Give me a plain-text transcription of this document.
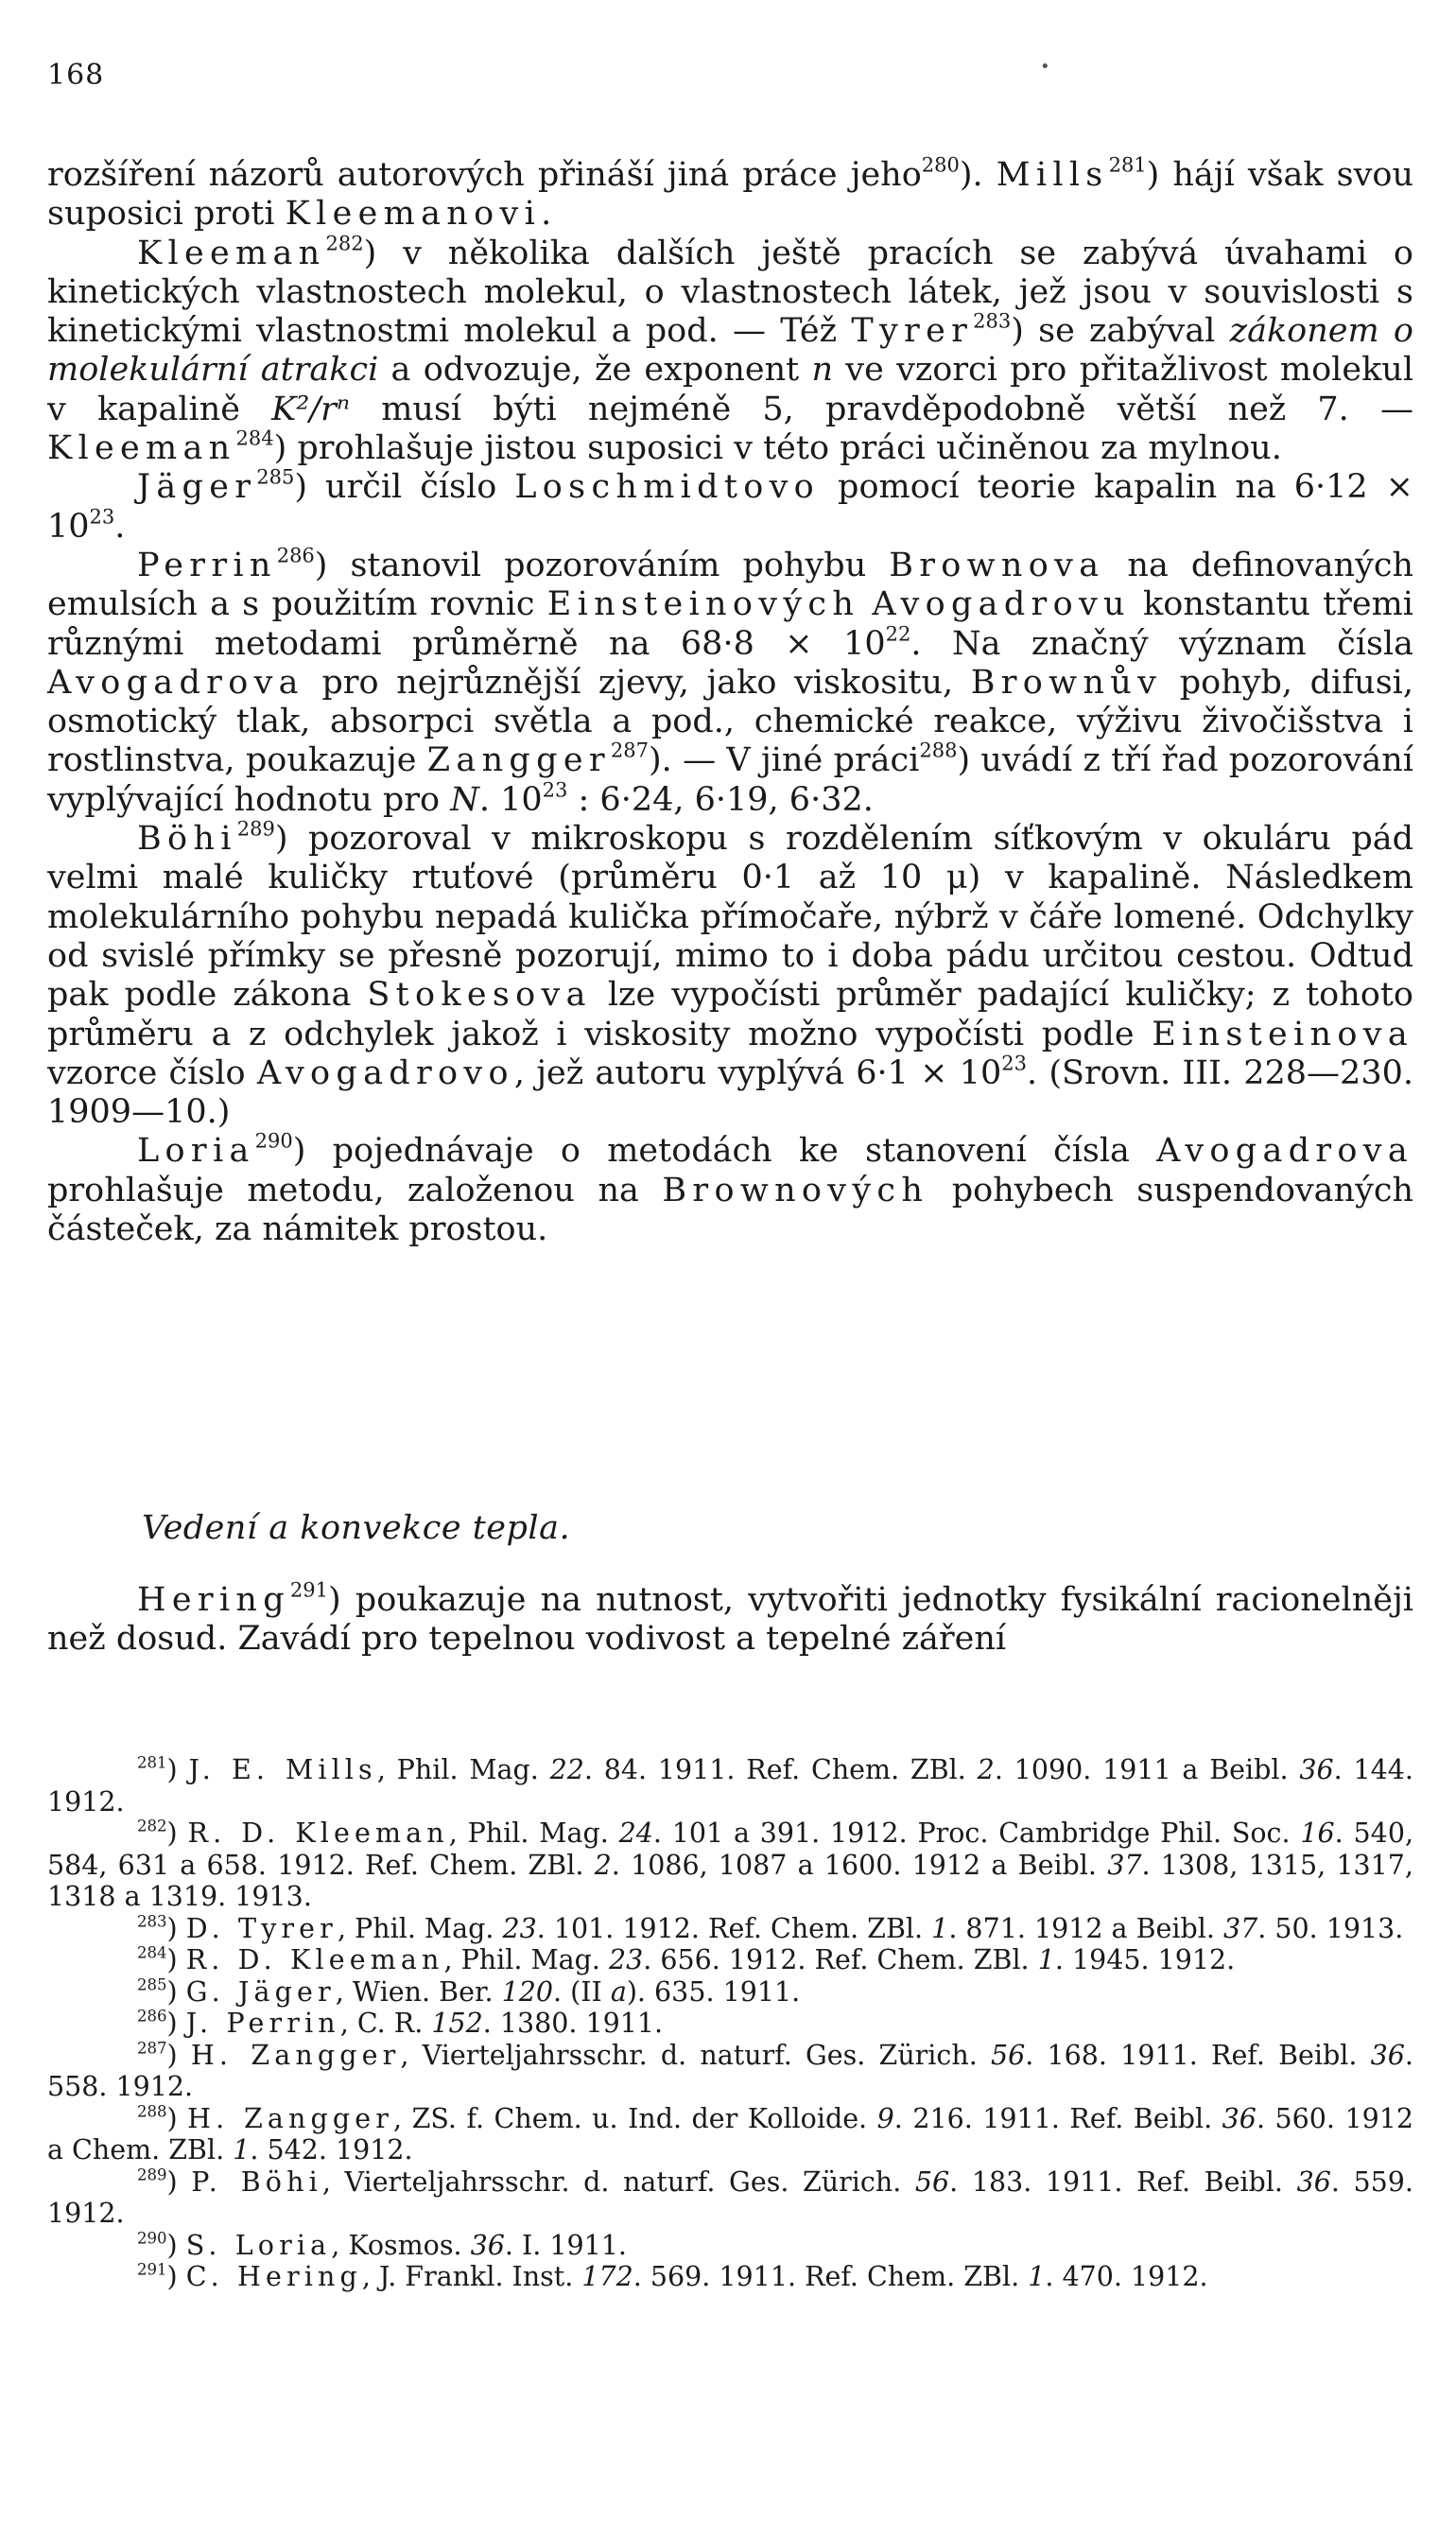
168	•

rozšíření názorů autorových přináší jiná práce jeho$^{280}$). Mills$^{281}$) hájí však svou suposici proti Kleemanovi.

Kleeman$^{282}$) v několika dalších ještě pracích se zabývá úvahami o kinetických vlastnostech molekul, o vlastnostech látek, jež jsou v souvislosti s kinetickými vlastnostmi molekul a pod. — Též Tyrer$^{283}$) se zabýval zákonem o molekulární atrakci a odvozuje, že exponent n ve vzorci pro přitažlivost molekul v kapalině K²/rⁿ musí býti nejméně 5, pravděpodobně větší než 7. — Kleeman$^{284}$) prohlašuje jistou suposici v této práci učiněnou za mylnou.

Jäger$^{285}$) určil číslo Loschmidtovo pomocí teorie kapalin na $6\cdot 12 \times 10^{23}$.

Perrin$^{286}$) stanovil pozorováním pohybu Brownova na definovaných emulsích a s použitím rovnic Einsteinových Avogadrovu konstantu třemi různými metodami průměrně na $68\cdot 8 \times 10^{22}$. Na značný význam čísla Avogadrova pro nejrůznější zjevy, jako viskositu, Brownův pohyb, difusi, osmotický tlak, absorpci světla a pod., chemické reakce, výživu živočišstva i rostlinstva, poukazuje Zangger$^{287}$). — V jiné práci$^{288}$) uvádí z tří řad pozorování vyplývající hodnotu pro N. $10^{23}$ : 6·24, 6·19, 6·32.

Böhi$^{289}$) pozoroval v mikroskopu s rozdělením síťkovým v okuláru pád velmi malé kuličky rtuťové (průměru 0·1 až 10 μ) v kapalině. Následkem molekulárního pohybu nepadá kulička přímočaře, nýbrž v čáře lomené. Odchylky od svislé přímky se přesně pozorují, mimo to i doba pádu určitou cestou. Odtud pak podle zákona Stokesova lze vypočísti průměr padající kuličky; z tohoto průměru a z odchylek jakož i viskosity možno vypočísti podle Einsteinova vzorce číslo Avogadrovo, jež autoru vyplývá $6\cdot 1 \times 10^{23}$. (Srovn. III. 228—230. 1909—10.)

Loria$^{290}$) pojednávaje o metodách ke stanovení čísla Avogadrova prohlašuje metodu, založenou na Brownových pohybech suspendovaných částeček, za námitek prostou.

Vedení a konvekce tepla.

Hering$^{291}$) poukazuje na nutnost, vytvořiti jednotky fysikální racionelněji než dosud. Zavádí pro tepelnou vodivost a tepelné záření

$^{281}$) J. E. Mills, Phil. Mag. 22. 84. 1911. Ref. Chem. ZBl. 2. 1090. 1911 a Beibl. 36. 144. 1912.

$^{282}$) R. D. Kleeman, Phil. Mag. 24. 101 a 391. 1912. Proc. Cambridge Phil. Soc. 16. 540, 584, 631 a 658. 1912. Ref. Chem. ZBl. 2. 1086, 1087 a 1600. 1912 a Beibl. 37. 1308, 1315, 1317, 1318 a 1319. 1913.

$^{283}$) D. Tyrer, Phil. Mag. 23. 101. 1912. Ref. Chem. ZBl. 1. 871. 1912 a Beibl. 37. 50. 1913.

$^{284}$) R. D. Kleeman, Phil. Mag. 23. 656. 1912. Ref. Chem. ZBl. 1. 1945. 1912.

$^{285}$) G. Jäger, Wien. Ber. 120. (II a). 635. 1911.

$^{286}$) J. Perrin, C. R. 152. 1380. 1911.

$^{287}$) H. Zangger, Vierteljahrsschr. d. naturf. Ges. Zürich. 56. 168. 1911. Ref. Beibl. 36. 558. 1912.

$^{288}$) H. Zangger, ZS. f. Chem. u. Ind. der Kolloide. 9. 216. 1911. Ref. Beibl. 36. 560. 1912 a Chem. ZBl. 1. 542. 1912.

$^{289}$) P. Böhi, Vierteljahrsschr. d. naturf. Ges. Zürich. 56. 183. 1911. Ref. Beibl. 36. 559. 1912.

$^{290}$) S. Loria, Kosmos. 36. I. 1911.

$^{291}$) C. Hering, J. Frankl. Inst. 172. 569. 1911. Ref. Chem. ZBl. 1. 470. 1912.
